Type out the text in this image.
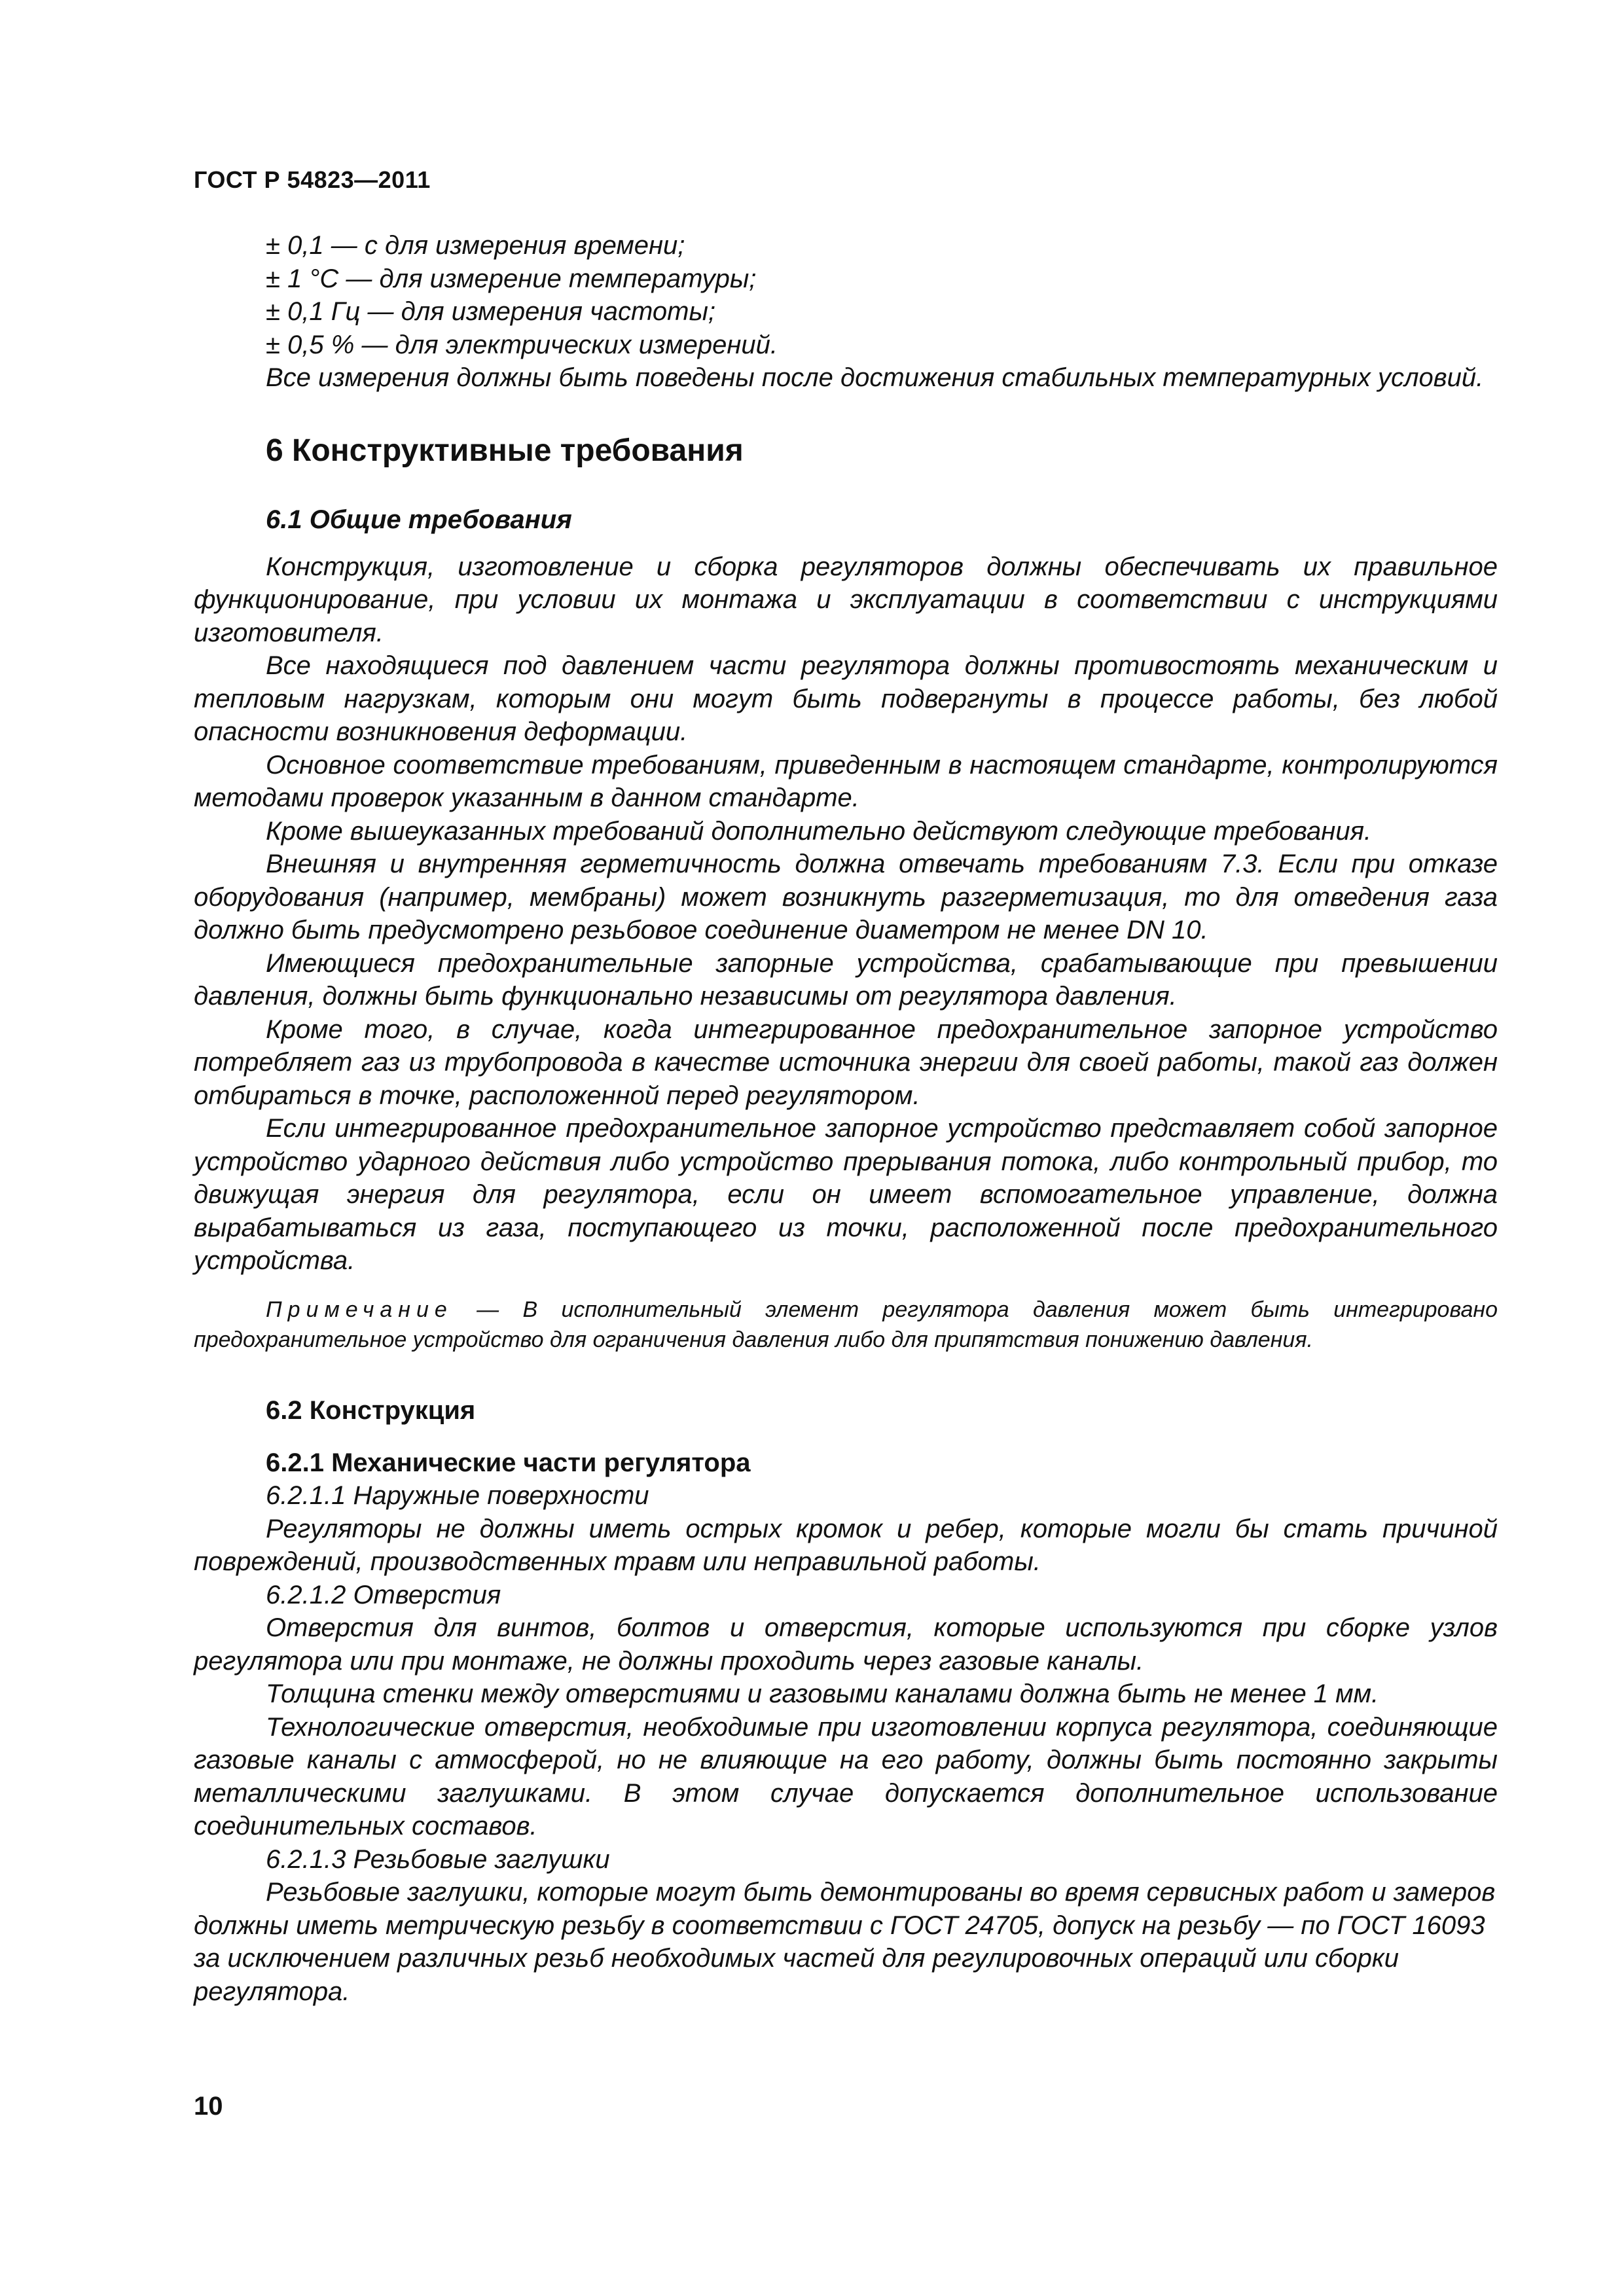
ГОСТ Р 54823—2011
± 0,1 — с для измерения времени;
± 1 °С — для измерение температуры;
± 0,1 Гц — для измерения частоты;
± 0,5 % — для электрических измерений.

Все измерения должны быть поведены после достижения стабильных температурных условий.

6 Конструктивные требования
6.1 Общие требования

Конструкция, изготовление и сборка регуляторов должны обеспечивать их правильное функционирование, при условии их монтажа и эксплуатации в соответствии с инструкциями изготовителя.

Все находящиеся под давлением части регулятора должны противостоять механическим и тепловым нагрузкам, которым они могут быть подвергнуты в процессе работы, без любой опасности возникновения деформации.

Основное соответствие требованиям, приведенным в настоящем стандарте, контролируются методами проверок указанным в данном стандарте.

Кроме вышеуказанных требований дополнительно действуют следующие требования.

Внешняя и внутренняя герметичность должна отвечать требованиям 7.3. Если при отказе оборудования (например, мембраны) может возникнуть разгерметизация, то для отведения газа должно быть предусмотрено резьбовое соединение диаметром не менее DN 10.

Имеющиеся предохранительные запорные устройства, срабатывающие при превышении давления, должны быть функционально независимы от регулятора давления.

Кроме того, в случае, когда интегрированное предохранительное запорное устройство потребляет газ из трубопровода в качестве источника энергии для своей работы, такой газ должен отбираться в точке, расположенной перед регулятором.

Если интегрированное предохранительное запорное устройство представляет собой запорное устройство ударного действия либо устройство прерывания потока, либо контрольный прибор, то движущая энергия для регулятора, если он имеет вспомогательное управление, должна вырабатываться из газа, поступающего из точки, расположенной после предохранительного устройства.

Примечание — В исполнительный элемент регулятора давления может быть интегрировано предохранительное устройство для ограничения давления либо для припятствия понижению давления.

6.2 Конструкция
6.2.1 Механические части регулятора
6.2.1.1 Наружные поверхности

Регуляторы не должны иметь острых кромок и ребер, которые могли бы стать причиной повреждений, производственных травм или неправильной работы.

6.2.1.2 Отверстия

Отверстия для винтов, болтов и отверстия, которые используются при сборке узлов регулятора или при монтаже, не должны проходить через газовые каналы.

Толщина стенки между отверстиями и газовыми каналами должна быть не менее 1 мм.

Технологические отверстия, необходимые при изготовлении корпуса регулятора, соединяющие газовые каналы с атмосферой, но не влияющие на его работу, должны быть постоянно закрыты металлическими заглушками. В этом случае допускается дополнительное использование соединительных составов.

6.2.1.3 Резьбовые заглушки

Резьбовые заглушки, которые могут быть демонтированы во время сервисных работ и замеров должны иметь метрическую резьбу в соответствии с ГОСТ 24705, допуск на резьбу — по ГОСТ 16093 за исключением различных резьб необходимых частей для регулировочных операций или сборки регулятора.

10
